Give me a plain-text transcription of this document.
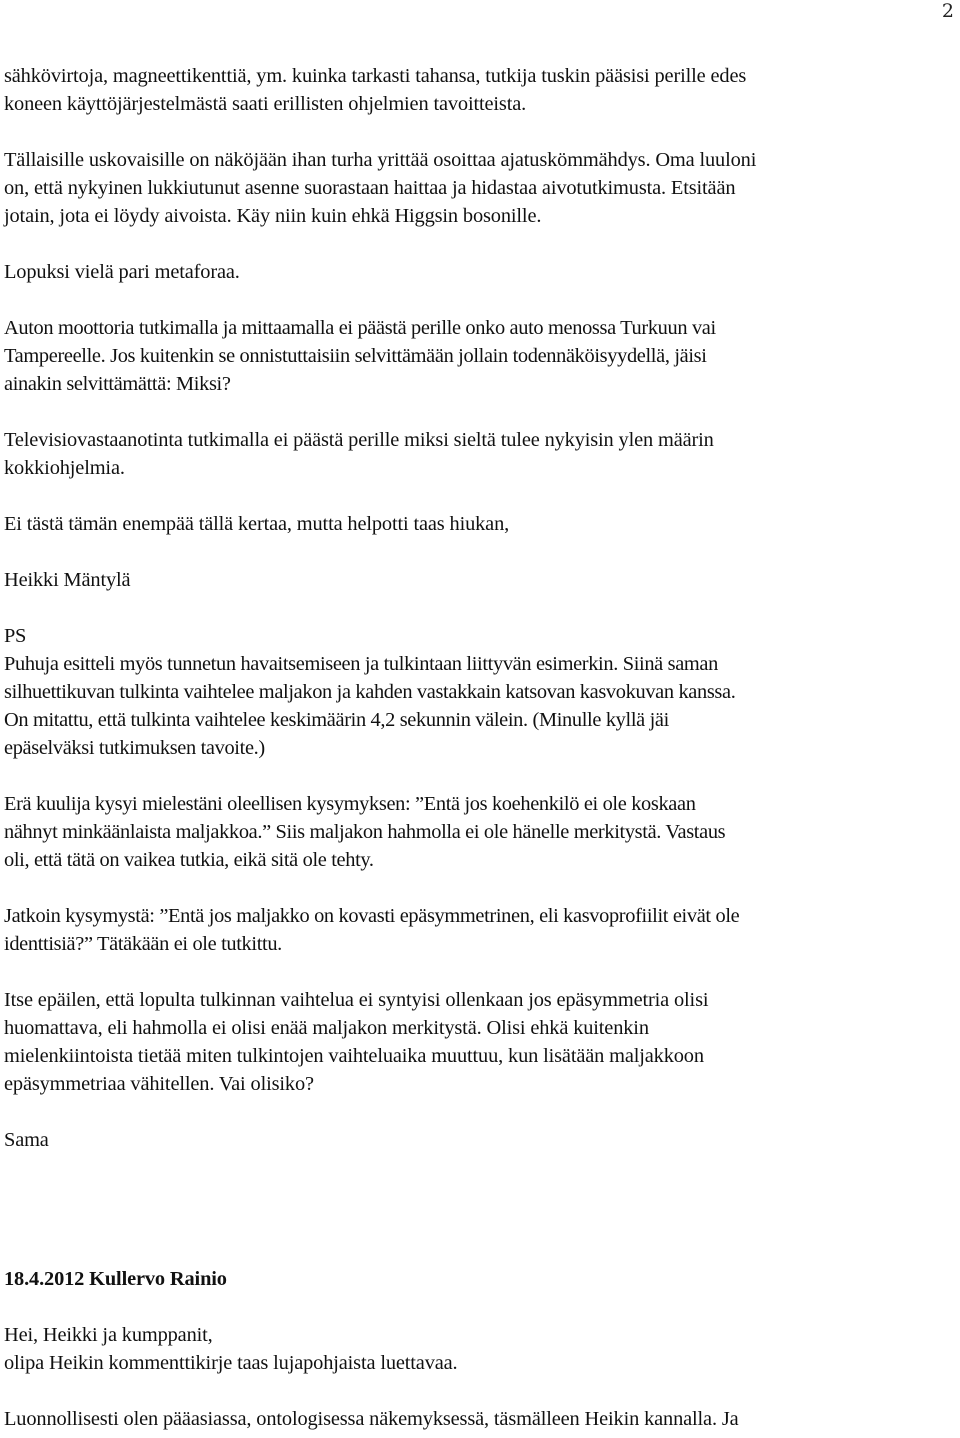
2

sähkövirtoja, magneettikenttiä, ym. kuinka tarkasti tahansa, tutkija tuskin pääsisi perille edes
koneen käyttöjärjestelmästä saati erillisten ohjelmien tavoitteista.

Tällaisille uskovaisille on näköjään ihan turha yrittää osoittaa ajatuskömmähdys. Oma luuloni
on, että nykyinen lukkiutunut asenne suorastaan haittaa ja hidastaa aivotutkimusta. Etsitään
jotain, jota ei löydy aivoista. Käy niin kuin ehkä Higgsin bosonille.

Lopuksi vielä pari metaforaa.

Auton moottoria tutkimalla ja mittaamalla ei päästä perille onko auto menossa Turkuun vai
Tampereelle. Jos kuitenkin se onnistuttaisiin selvittämään jollain todennäköisyydellä, jäisi
ainakin selvittämättä: Miksi?

Televisiovastaanotinta tutkimalla ei päästä perille miksi sieltä tulee nykyisin ylen määrin
kokkiohjelmia.

Ei tästä tämän enempää tällä kertaa, mutta helpotti taas hiukan,

Heikki Mäntylä

PS
Puhuja esitteli myös tunnetun havaitsemiseen ja tulkintaan liittyvän esimerkin. Siinä saman
silhuettikuvan tulkinta vaihtelee maljakon ja kahden vastakkain katsovan kasvokuvan kanssa.
On mitattu, että tulkinta vaihtelee keskimäärin 4,2 sekunnin välein. (Minulle kyllä jäi
epäselväksi tutkimuksen tavoite.)

Erä kuulija kysyi mielestäni oleellisen kysymyksen: ”Entä jos koehenkilö ei ole koskaan
nähnyt minkäänlaista maljakkoa.” Siis maljakon hahmolla ei ole hänelle merkitystä. Vastaus
oli, että tätä on vaikea tutkia, eikä sitä ole tehty.

Jatkoin kysymystä: ”Entä jos maljakko on kovasti epäsymmetrinen, eli kasvoprofiilit eivät ole
identtisiä?” Tätäkään ei ole tutkittu.

Itse epäilen, että lopulta tulkinnan vaihtelua ei syntyisi ollenkaan jos epäsymmetria olisi
huomattava, eli hahmolla ei olisi enää maljakon merkitystä. Olisi ehkä kuitenkin
mielenkiintoista tietää miten tulkintojen vaihteluaika muuttuu, kun lisätään maljakkoon
epäsymmetriaa vähitellen. Vai olisiko?

Sama

18.4.2012 Kullervo Rainio

Hei, Heikki ja kumppanit,
olipa Heikin kommenttikirje taas lujapohjaista luettavaa.

Luonnollisesti olen pääasiassa, ontologisessa näkemyksessä, täsmälleen Heikin kannalla. Ja
